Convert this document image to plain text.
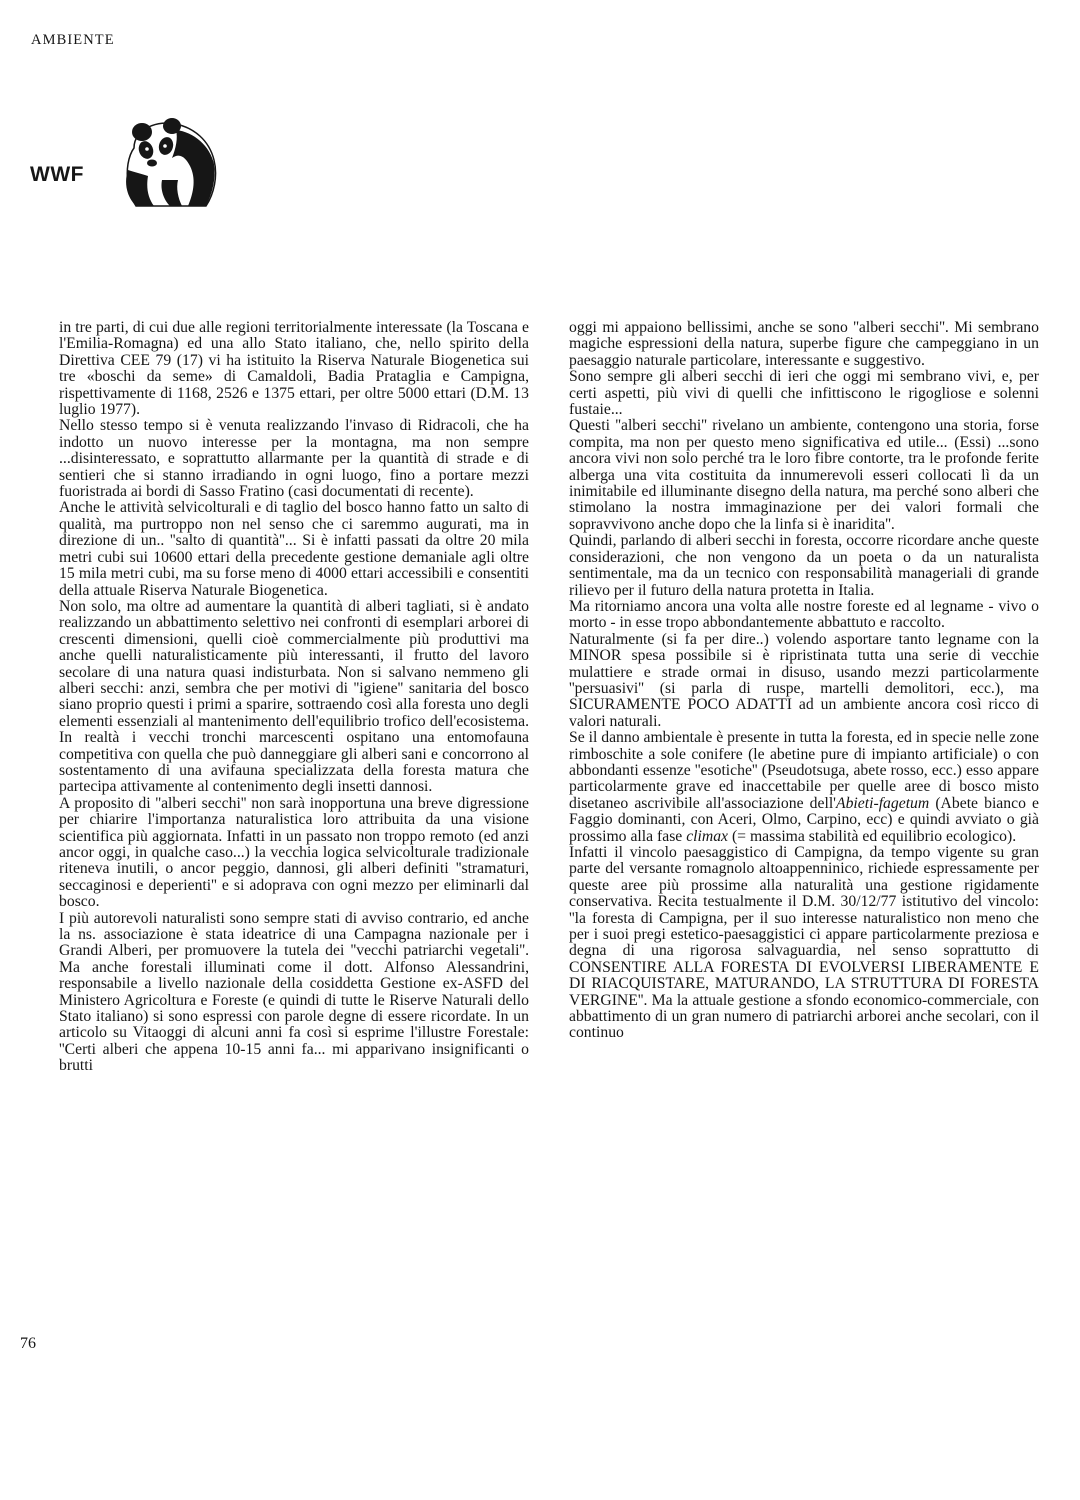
AMBIENTE
WWF

in tre parti, di cui due alle regioni territorialmente interessate (la Toscana e l'Emilia-Romagna) ed una allo Stato italiano, che, nello spirito della Direttiva CEE 79 (17) vi ha istituito la Riserva Naturale Biogenetica sui tre «boschi da seme» di Camaldoli, Badia Prataglia e Campigna, rispettivamente di 1168, 2526 e 1375 ettari, per oltre 5000 ettari (D.M. 13 luglio 1977).

Nello stesso tempo si è venuta realizzando l'invaso di Ridracoli, che ha indotto un nuovo interesse per la montagna, ma non sempre ...disinteressato, e soprattutto allarmante per la quantità di strade e di sentieri che si stanno irradiando in ogni luogo, fino a portare mezzi fuoristrada ai bordi di Sasso Fratino (casi documentati di recente).

Anche le attività selvicolturali e di taglio del bosco hanno fatto un salto di qualità, ma purtroppo non nel senso che ci saremmo augurati, ma in direzione di un.. ''salto di quantità''... Si è infatti passati da oltre 20 mila metri cubi sui 10600 ettari della precedente gestione demaniale agli oltre 15 mila metri cubi, ma su forse meno di 4000 ettari accessibili e consentiti della attuale Riserva Naturale Biogenetica.

Non solo, ma oltre ad aumentare la quantità di alberi tagliati, si è andato realizzando un abbattimento selettivo nei confronti di esemplari arborei di crescenti dimensioni, quelli cioè commercialmente più produttivi ma anche quelli naturalisticamente più interessanti, il frutto del lavoro secolare di una natura quasi indisturbata. Non si salvano nemmeno gli alberi secchi: anzi, sembra che per motivi di ''igiene'' sanitaria del bosco siano proprio questi i primi a sparire, sottraendo così alla foresta uno degli elementi essenziali al mantenimento dell'equilibrio trofico dell'ecosistema. In realtà i vecchi tronchi marcescenti ospitano una entomofauna competitiva con quella che può danneggiare gli alberi sani e concorrono al sostentamento di una avifauna specializzata della foresta matura che partecipa attivamente al contenimento degli insetti dannosi.

A proposito di ''alberi secchi'' non sarà inopportuna una breve digressione per chiarire l'importanza naturalistica loro attribuita da una visione scientifica più aggiornata. Infatti in un passato non troppo remoto (ed anzi ancor oggi, in qualche caso...) la vecchia logica selvicolturale tradizionale riteneva inutili, o ancor peggio, dannosi, gli alberi definiti ''stramaturi, seccaginosi e deperienti'' e si adoprava con ogni mezzo per eliminarli dal bosco.

I più autorevoli naturalisti sono sempre stati di avviso contrario, ed anche la ns. associazione è stata ideatrice di una Campagna nazionale per i Grandi Alberi, per promuovere la tutela dei ''vecchi patriarchi vegetali''. Ma anche forestali illuminati come il dott. Alfonso Alessandrini, responsabile a livello nazionale della cosiddetta Gestione ex-ASFD del Ministero Agricoltura e Foreste (e quindi di tutte le Riserve Naturali dello Stato italiano) si sono espressi con parole degne di essere ricordate. In un articolo su Vitaoggi di alcuni anni fa così si esprime l'illustre Forestale: ''Certi alberi che appena 10-15 anni fa... mi apparivano insignificanti o brutti

oggi mi appaiono bellissimi, anche se sono ''alberi secchi''. Mi sembrano magiche espressioni della natura, superbe figure che campeggiano in un paesaggio naturale particolare, interessante e suggestivo.

Sono sempre gli alberi secchi di ieri che oggi mi sembrano vivi, e, per certi aspetti, più vivi di quelli che infittiscono le rigogliose e solenni fustaie...

Questi ''alberi secchi'' rivelano un ambiente, contengono una storia, forse compita, ma non per questo meno significativa ed utile... (Essi) ...sono ancora vivi non solo perché tra le loro fibre contorte, tra le profonde ferite alberga una vita costituita da innumerevoli esseri collocati lì da un inimitabile ed illuminante disegno della natura, ma perché sono alberi che stimolano la nostra immaginazione per dei valori formali che sopravvivono anche dopo che la linfa si è inaridita''.

Quindi, parlando di alberi secchi in foresta, occorre ricordare anche queste considerazioni, che non vengono da un poeta o da un naturalista sentimentale, ma da un tecnico con responsabilità manageriali di grande rilievo per il futuro della natura protetta in Italia.

Ma ritorniamo ancora una volta alle nostre foreste ed al legname - vivo o morto - in esse tropo abbondantemente abbattuto e raccolto.

Naturalmente (si fa per dire..) volendo asportare tanto legname con la MINOR spesa possibile si è ripristinata tutta una serie di vecchie mulattiere e strade ormai in disuso, usando mezzi particolarmente ''persuasivi'' (si parla di ruspe, martelli demolitori, ecc.), ma SICURAMENTE POCO ADATTI ad un ambiente ancora così ricco di valori naturali.

Se il danno ambientale è presente in tutta la foresta, ed in specie nelle zone rimboschite a sole conifere (le abetine pure di impianto artificiale) o con abbondanti essenze ''esotiche'' (Pseudotsuga, abete rosso, ecc.) esso appare particolarmente grave ed inaccettabile per quelle aree di bosco misto disetaneo ascrivibile all'associazione dell'Abieti-fagetum (Abete bianco e Faggio dominanti, con Aceri, Olmo, Carpino, ecc) e quindi avviato o già prossimo alla fase climax (= massima stabilità ed equilibrio ecologico).

Infatti il vincolo paesaggistico di Campigna, da tempo vigente su gran parte del versante romagnolo altoappenninico, richiede espressamente per queste aree più prossime alla naturalità una gestione rigidamente conservativa. Recita testualmente il D.M. 30/12/77 istitutivo del vincolo: ''la foresta di Campigna, per il suo interesse naturalistico non meno che per i suoi pregi estetico-paesaggistici ci appare particolarmente preziosa e degna di una rigorosa salvaguardia, nel senso soprattutto di CONSENTIRE ALLA FORESTA DI EVOLVERSI LIBERAMENTE E DI RIACQUISTARE, MATURANDO, LA STRUTTURA DI FORESTA VERGINE''. Ma la attuale gestione a sfondo economico-commerciale, con abbattimento di un gran numero di patriarchi arborei anche secolari, con il continuo

76
